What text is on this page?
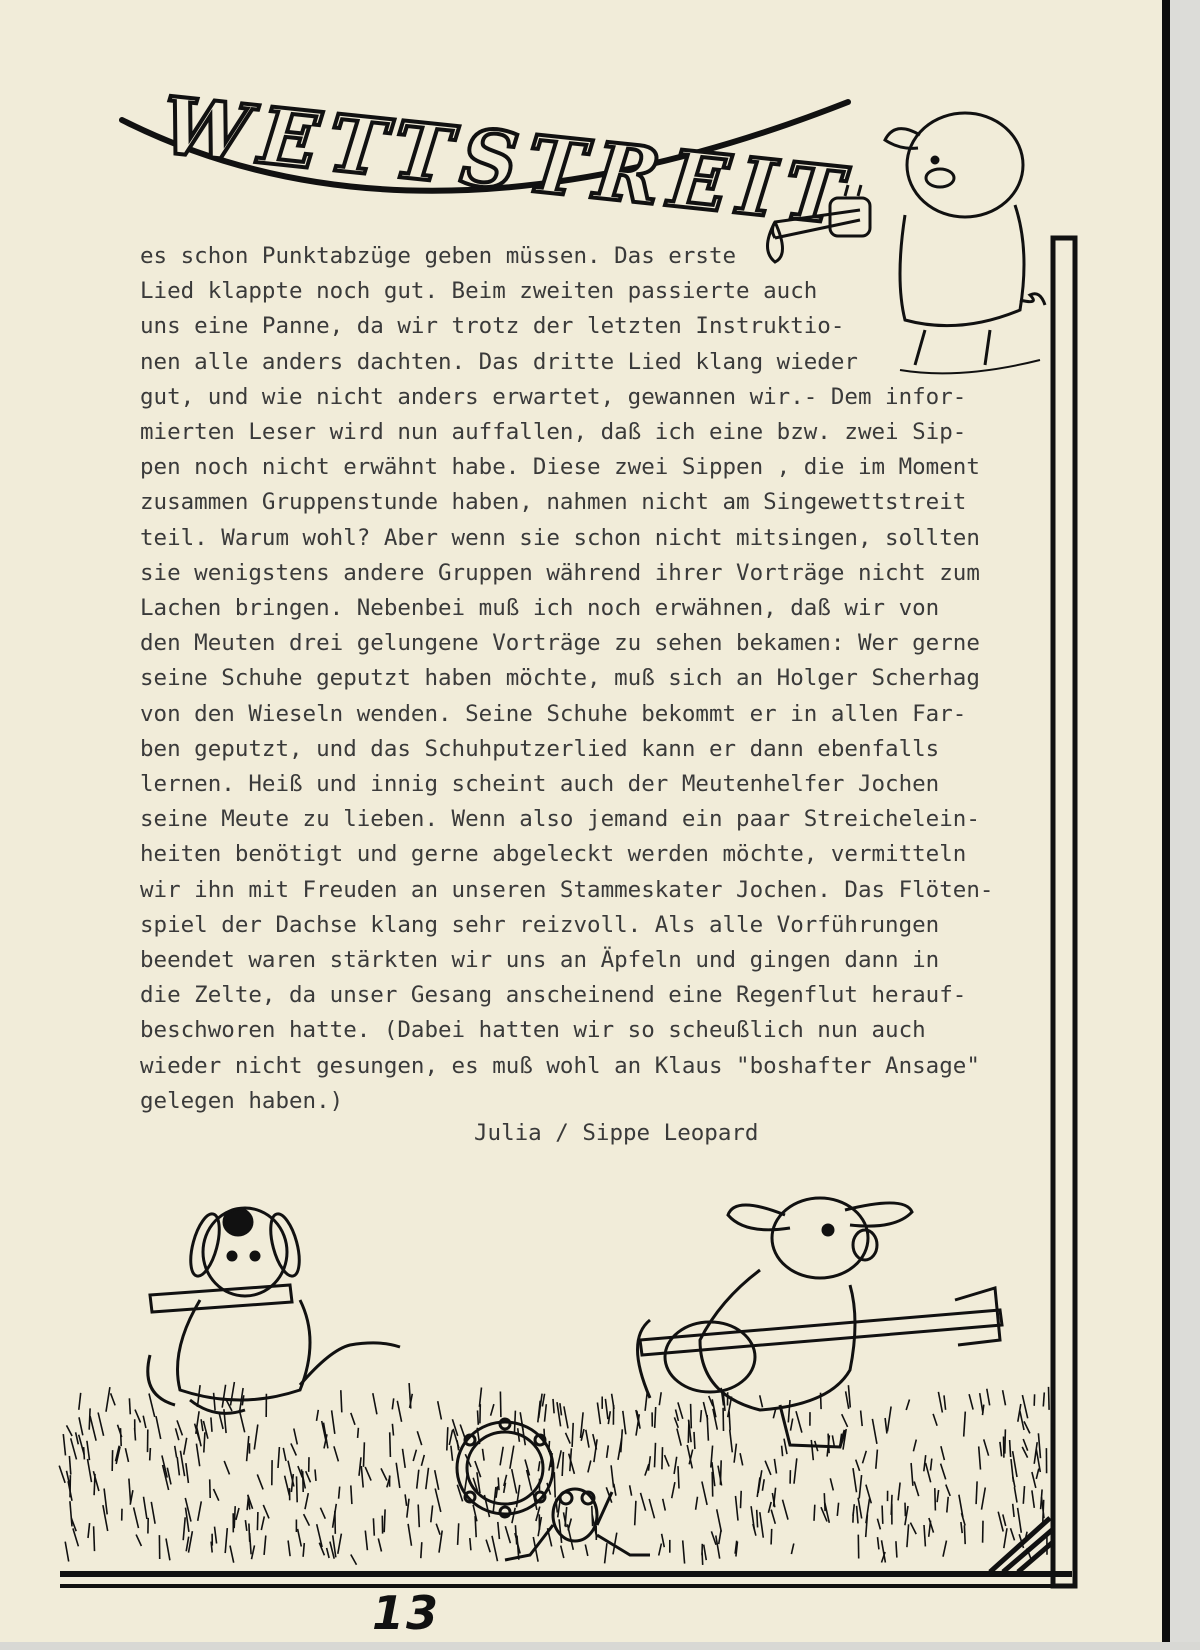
WETTSTREIT

es schon Punktabzüge geben müssen. Das erste

Lied klappte noch gut. Beim zweiten passierte auch

uns eine Panne, da wir trotz der letzten Instruktio-

nen alle anders dachten. Das dritte Lied klang wieder

gut, und wie nicht anders erwartet, gewannen wir.- Dem infor-

mierten Leser wird nun auffallen, daß ich eine bzw. zwei Sip-

pen noch nicht erwähnt habe. Diese zwei Sippen , die im Moment

zusammen Gruppenstunde haben, nahmen nicht am Singewettstreit

teil. Warum wohl? Aber wenn sie schon nicht mitsingen, sollten

sie wenigstens andere Gruppen während ihrer Vorträge nicht zum

Lachen bringen. Nebenbei muß ich noch erwähnen, daß wir von

den Meuten drei gelungene Vorträge zu sehen bekamen: Wer gerne

seine Schuhe geputzt haben möchte, muß sich an Holger Scherhag

von den Wieseln wenden. Seine Schuhe bekommt er in allen Far-

ben geputzt, und das Schuhputzerlied kann er dann ebenfalls

lernen. Heiß und innig scheint auch der Meutenhelfer Jochen

seine Meute zu lieben. Wenn also jemand ein paar Streichelein-

heiten benötigt und gerne abgeleckt werden möchte, vermitteln

wir ihn mit Freuden an unseren Stammeskater Jochen. Das Flöten-

spiel der Dachse klang sehr reizvoll. Als alle Vorführungen

beendet waren stärkten wir uns an Äpfeln und gingen dann in

die Zelte, da unser Gesang anscheinend eine Regenflut herauf-

beschworen hatte. (Dabei hatten wir so scheußlich nun auch

wieder nicht gesungen, es muß wohl an Klaus "boshafter Ansage"

gelegen haben.)

Julia / Sippe Leopard

13
